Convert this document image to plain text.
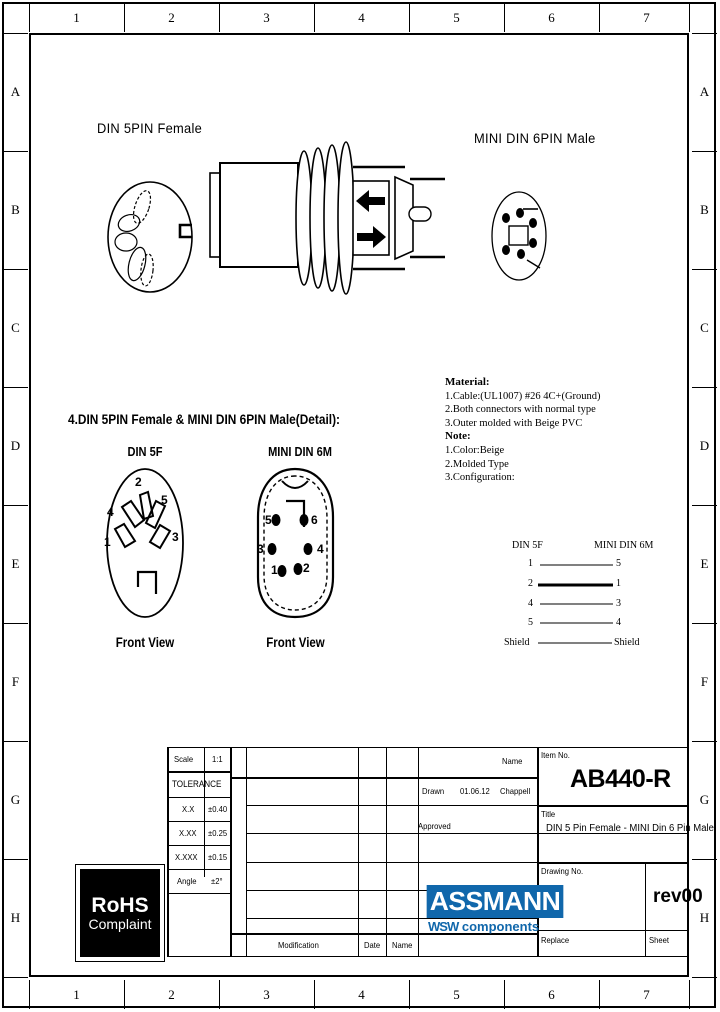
1	2	3	4	5	6	7
1	2	3	4	5	6	7
A
B
C
D
E
F
G
H
A
B
C
D
E
F
G
H
DIN 5PIN Female
MINI DIN 6PIN Male
Material:
1.Cable:(UL1007) #26 4C+(Ground)
2.Both connectors with normal type
3.Outer molded with Beige PVC
Note:
1.Color:Beige
2.Molded Type
3.Configuration:
DIN 5F	MINI DIN 6M
1	5
2	1
4	3
5	4
Shield	Shield
4.DIN 5PIN Female & MINI DIN 6PIN Male(Detail):
DIN 5F	MINI DIN 6M
1
4
2
5
3
Front View
5	6
3	4
1 2
Front View
Scale 1:1
TOLERANCE
X.X ±0.40
X.XX ±0.25
X.XXX ±0.15
Angle ±2°
Modification	Date Name
Name
Drawn 01.06.12 Chappell
Approved
Item No.
AB440-R
Title
DIN 5 Pin Female - MINI Din 6 Pin Male
Drawing No.
rev00
Replace	Sheet
RoHS
Complaint
ASSMANN
WSW components
